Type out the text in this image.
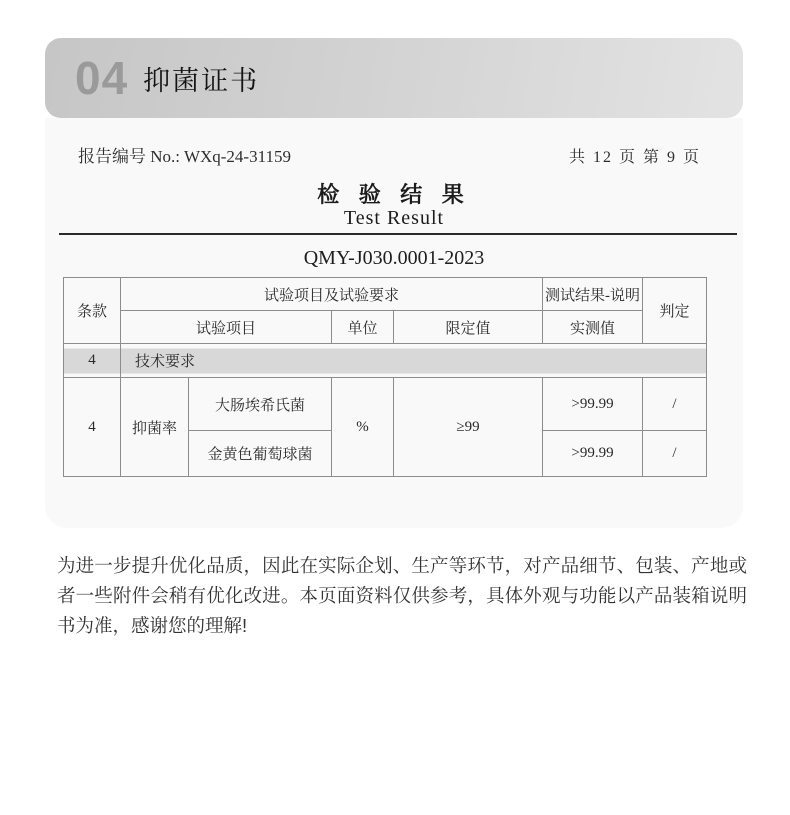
04 抑菌证书
报告编号 No.: WXq-24-31159	共 12 页 第 9 页
检 验 结 果
Test Result
QMY-J030.0001-2023
条款	试验项目及试验要求				测试结果-说明	判定
	试验项目		单位	限定值	实测值	
4	技术要求					
4	抑菌率	大肠埃希氏菌	%	≥99	>99.99	/
		金黄色葡萄球菌			>99.99	/
为进一步提升优化品质，因此在实际企划、生产等环节，对产品细节、包装、产地或者一些附件会稍有优化改进。本页面资料仅供参考，具体外观与功能以产品装箱说明书为准，感谢您的理解!
